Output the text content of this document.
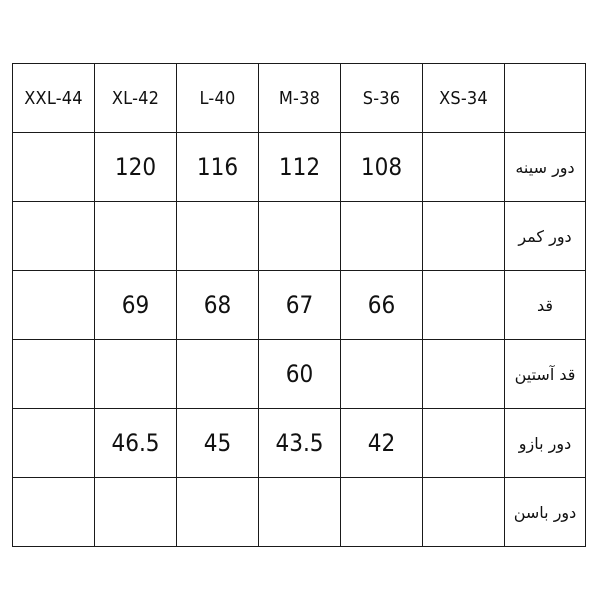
XXL-44	XL-42	L-40	M-38	S-36	XS-34	
	120	116	112	108		دور سینه
						دور کمر
	69	68	67	66		قد
			60			قد آستین
	46.5	45	43.5	42		دور بازو
						دور باسن
